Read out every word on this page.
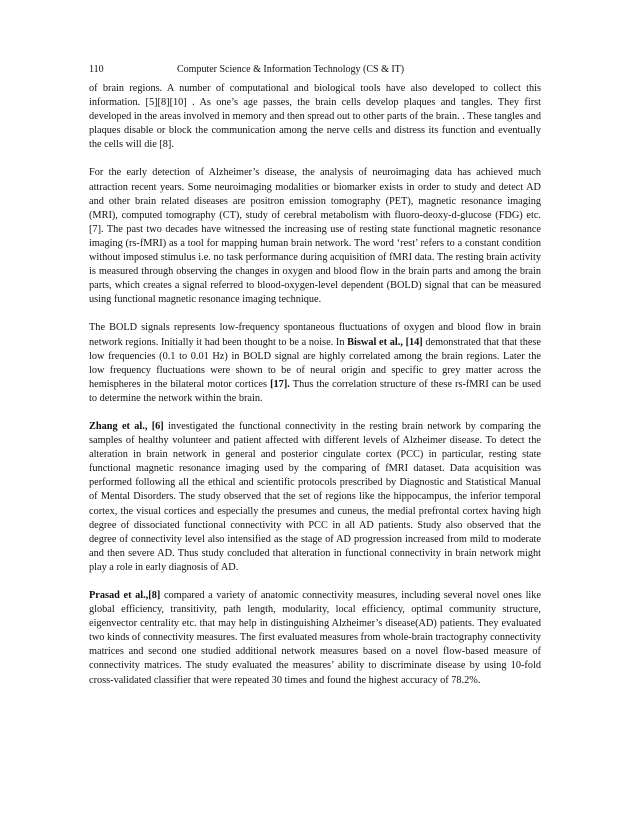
110	Computer Science & Information Technology (CS & IT)

of brain regions. A number of computational and biological tools have also developed to collect this information. [5][8][10] . As one’s age passes, the brain cells develop plaques and tangles. They first developed in the areas involved in memory and then spread out to other parts of the brain. . These tangles and plaques disable or block the communication among the nerve cells and distress its function and eventually the cells will die [8].

For the early detection of Alzheimer’s disease, the analysis of neuroimaging data has achieved much attraction recent years. Some neuroimaging modalities or biomarker exists in order to study and detect AD and other brain related diseases are positron emission tomography (PET), magnetic resonance imaging (MRI), computed tomography (CT), study of cerebral metabolism with fluoro-deoxy-d-glucose (FDG) etc. [7]. The past two decades have witnessed the increasing use of resting state functional magnetic resonance imaging (rs-fMRI) as a tool for mapping human brain network. The word ‘rest’ refers to a constant condition without imposed stimulus i.e. no task performance during acquisition of fMRI data. The resting brain activity is measured through observing the changes in oxygen and blood flow in the brain parts and among the brain parts, which creates a signal referred to blood-oxygen-level dependent (BOLD) signal that can be measured using functional magnetic resonance imaging technique.

The BOLD signals represents low-frequency spontaneous fluctuations of oxygen and blood flow in brain network regions. Initially it had been thought to be a noise. In Biswal et al., [14] demonstrated that that these low frequencies (0.1 to 0.01 Hz) in BOLD signal are highly correlated among the brain regions. Later the low frequency fluctuations were shown to be of neural origin and specific to grey matter across the hemispheres in the bilateral motor cortices [17]. Thus the correlation structure of these rs-fMRI can be used to determine the network within the brain.

Zhang et al., [6] investigated the functional connectivity in the resting brain network by comparing the samples of healthy volunteer and patient affected with different levels of Alzheimer disease. To detect the alteration in brain network in general and posterior cingulate cortex (PCC) in particular, resting state functional magnetic resonance imaging used by the comparing of fMRI dataset. Data acquisition was performed following all the ethical and scientific protocols prescribed by Diagnostic and Statistical Manual of Mental Disorders. The study observed that the set of regions like the hippocampus, the inferior temporal cortex, the visual cortices and especially the presumes and cuneus, the medial prefrontal cortex having high degree of dissociated functional connectivity with PCC in all AD patients. Study also observed that the degree of connectivity level also intensified as the stage of AD progression increased from mild to moderate and then severe AD. Thus study concluded that alteration in functional connectivity in brain network might play a role in early diagnosis of AD.

Prasad et al.,[8] compared a variety of anatomic connectivity measures, including several novel ones like global efficiency, transitivity, path length, modularity, local efficiency, optimal community structure, eigenvector centrality etc. that may help in distinguishing Alzheimer’s disease(AD) patients. They evaluated two kinds of connectivity measures. The first evaluated measures from whole-brain tractography connectivity matrices and second one studied additional network measures based on a novel flow-based measure of connectivity matrices. The study evaluated the measures’ ability to discriminate disease by using 10-fold cross-validated classifier that were repeated 30 times and found the highest accuracy of 78.2%.
